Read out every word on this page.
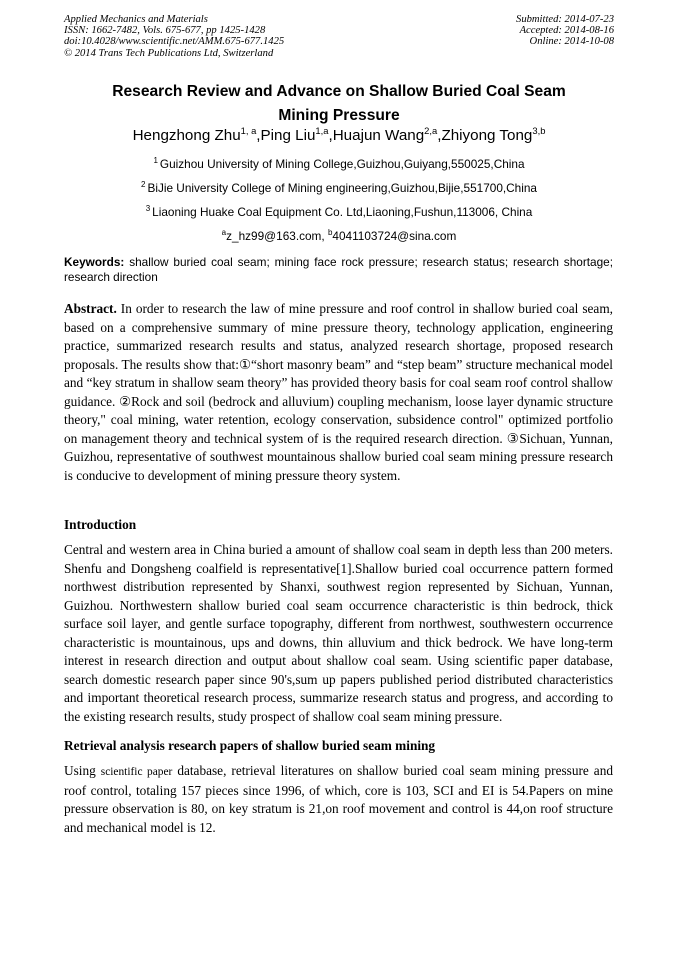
Applied Mechanics and Materials
ISSN: 1662-7482, Vols. 675-677, pp 1425-1428
doi:10.4028/www.scientific.net/AMM.675-677.1425
© 2014 Trans Tech Publications Ltd, Switzerland
Submitted: 2014-07-23
Accepted: 2014-08-16
Online: 2014-10-08
Research Review and Advance on Shallow Buried Coal Seam
Mining Pressure
Hengzhong Zhu$^{1, a}$,Ping Liu$^{1,a}$,Huajun Wang$^{2,a}$,Zhiyong Tong$^{3,b}$
$^1$ Guizhou University of Mining College,Guizhou,Guiyang,550025,China
$^2$ BiJie University College of Mining engineering,Guizhou,Bijie,551700,China
$^3$ Liaoning Huake Coal Equipment Co. Ltd,Liaoning,Fushun,113006, China
$^a$z_hz99@163.com, $^b$4041103724@sina.com
Keywords: shallow buried coal seam; mining face rock pressure; research status; research shortage; research direction
Abstract. In order to research the law of mine pressure and roof control in shallow buried coal seam, based on a comprehensive summary of mine pressure theory, technology application, engineering practice, summarized research results and status, analyzed research shortage, proposed research proposals. The results show that:①“short masonry beam” and “step beam” structure mechanical model and “key stratum in shallow seam theory” has provided theory basis for coal seam roof control shallow guidance. ②Rock and soil (bedrock and alluvium) coupling mechanism, loose layer dynamic structure theory," coal mining, water retention, ecology conservation, subsidence control" optimized portfolio on management theory and technical system of is the required research direction. ③Sichuan, Yunnan, Guizhou, representative of southwest mountainous shallow buried coal seam mining pressure research is conducive to development of mining pressure theory system.
Introduction
Central and western area in China buried a amount of shallow coal seam in depth less than 200 meters. Shenfu and Dongsheng coalfield is representative[1].Shallow buried coal occurrence pattern formed northwest distribution represented by Shanxi, southwest region represented by Sichuan, Yunnan, Guizhou. Northwestern shallow buried coal seam occurrence characteristic is thin bedrock, thick surface soil layer, and gentle surface topography, different from northwest, southwestern occurrence characteristic is mountainous, ups and downs, thin alluvium and thick bedrock. We have long-term interest in research direction and output about shallow coal seam. Using scientific paper database, search domestic research paper since 90's,sum up papers published period distributed characteristics and important theoretical research process, summarize research status and progress, and according to the existing research results, study prospect of shallow coal seam mining pressure.
Retrieval analysis research papers of shallow buried seam mining
Using scientific paper database, retrieval literatures on shallow buried coal seam mining pressure and roof control, totaling 157 pieces since 1996, of which, core is 103, SCI and EI is 54.Papers on mine pressure observation is 80, on key stratum is 21,on roof movement and control is 44,on roof structure and mechanical model is 12.
